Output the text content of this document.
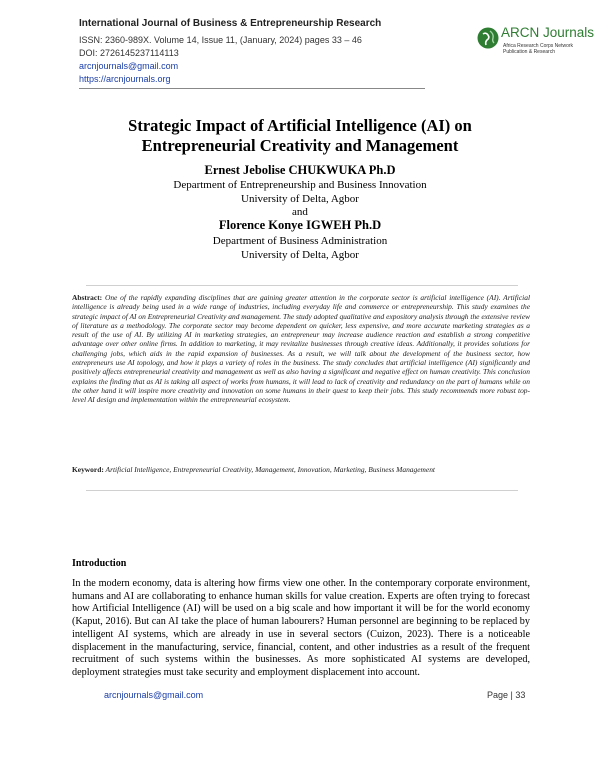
International Journal of Business & Entrepreneurship Research
ISSN: 2360-989X. Volume 14, Issue 11, (January, 2024) pages 33 – 46
DOI: 2726145237114113
arcnjournals@gmail.com
https://arcnjournals.org
ARCN Journals
Africa Research Corps Network
Publication & Research
Strategic Impact of Artificial Intelligence (AI) on
Entrepreneurial Creativity and Management
Ernest Jebolise CHUKWUKA Ph.D
Department of Entrepreneurship and Business Innovation
University of Delta, Agbor
and
Florence Konye IGWEH Ph.D
Department of Business Administration
University of Delta, Agbor
Abstract: One of the rapidly expanding disciplines that are gaining greater attention in the corporate sector is artificial intelligence (AI). Artificial intelligence is already being used in a wide range of industries, including everyday life and commerce or entrepreneurship. This study examines the strategic impact of AI on Entrepreneurial Creativity and management. The study adopted qualitative and expository analysis through the extensive review of literature as a methodology. The corporate sector may become dependent on quicker, less expensive, and more accurate marketing strategies as a result of the use of AI. By utilizing AI in marketing strategies, an entrepreneur may increase audience reaction and establish a strong competitive advantage over other online firms. In addition to marketing, it may revitalize businesses through creative ideas. Additionally, it provides solutions for challenging jobs, which aids in the rapid expansion of businesses. As a result, we will talk about the development of the business sector, how entrepreneurs use AI topology, and how it plays a variety of roles in the business. The study concludes that artificial intelligence (AI) significantly and positively affects entrepreneurial creativity and management as well as also having a significant and negative effect on human creativity. This conclusion explains the finding that as AI is taking all aspect of works from humans, it will lead to lack of creativity and redundancy on the part of humans while on the other hand it will inspire more creativity and innovation on some humans in their quest to keep their jobs. This study recommends more robust top-level AI design and implementation within the entrepreneurial ecosystem.
Keyword: Artificial Intelligence, Entrepreneurial Creativity, Management, Innovation, Marketing, Business Management
Introduction
In the modern economy, data is altering how firms view one other. In the contemporary corporate environment, humans and AI are collaborating to enhance human skills for value creation. Experts are often trying to forecast how Artificial Intelligence (AI) will be used on a big scale and how important it will be for the world economy (Kaput, 2016). But can AI take the place of human labourers? Human personnel are beginning to be replaced by intelligent AI systems, which are already in use in several sectors (Cuizon, 2023). There is a noticeable displacement in the manufacturing, service, financial, content, and other industries as a result of the frequent recruitment of such systems within the businesses. As more sophisticated AI systems are developed, deployment strategies must take security and employment displacement into account.
arcnjournals@gmail.com	Page | 33
